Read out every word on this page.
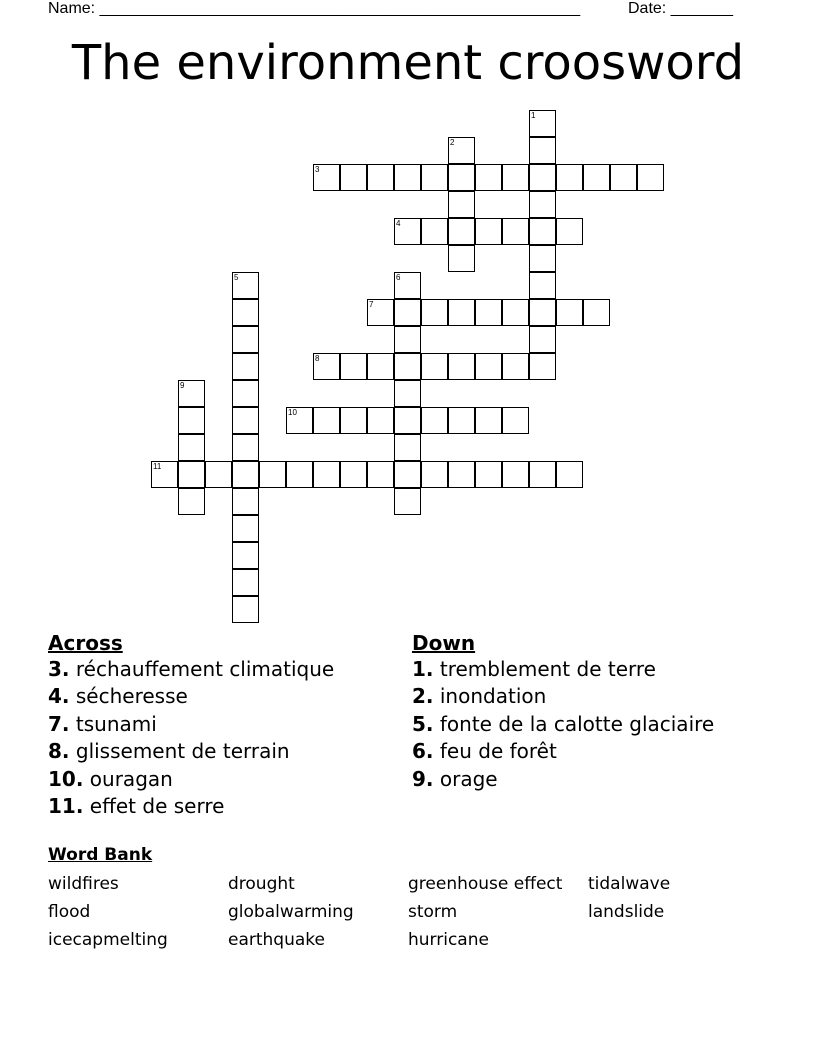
Name: ______________________________________________________	Date: _______
The environment croosword
1
2
3
4
5	6
7
8
9
10
11
Across
3. réchauffement climatique
4. sécheresse
7. tsunami
8. glissement de terrain
10. ouragan
11. effet de serre
Down
1. tremblement de terre
2. inondation
5. fonte de la calotte glaciaire
6. feu de forêt
9. orage
Word Bank
wildfires
flood
icecapmelting
drought
globalwarming
earthquake
greenhouse effect
storm
hurricane
tidalwave
landslide
